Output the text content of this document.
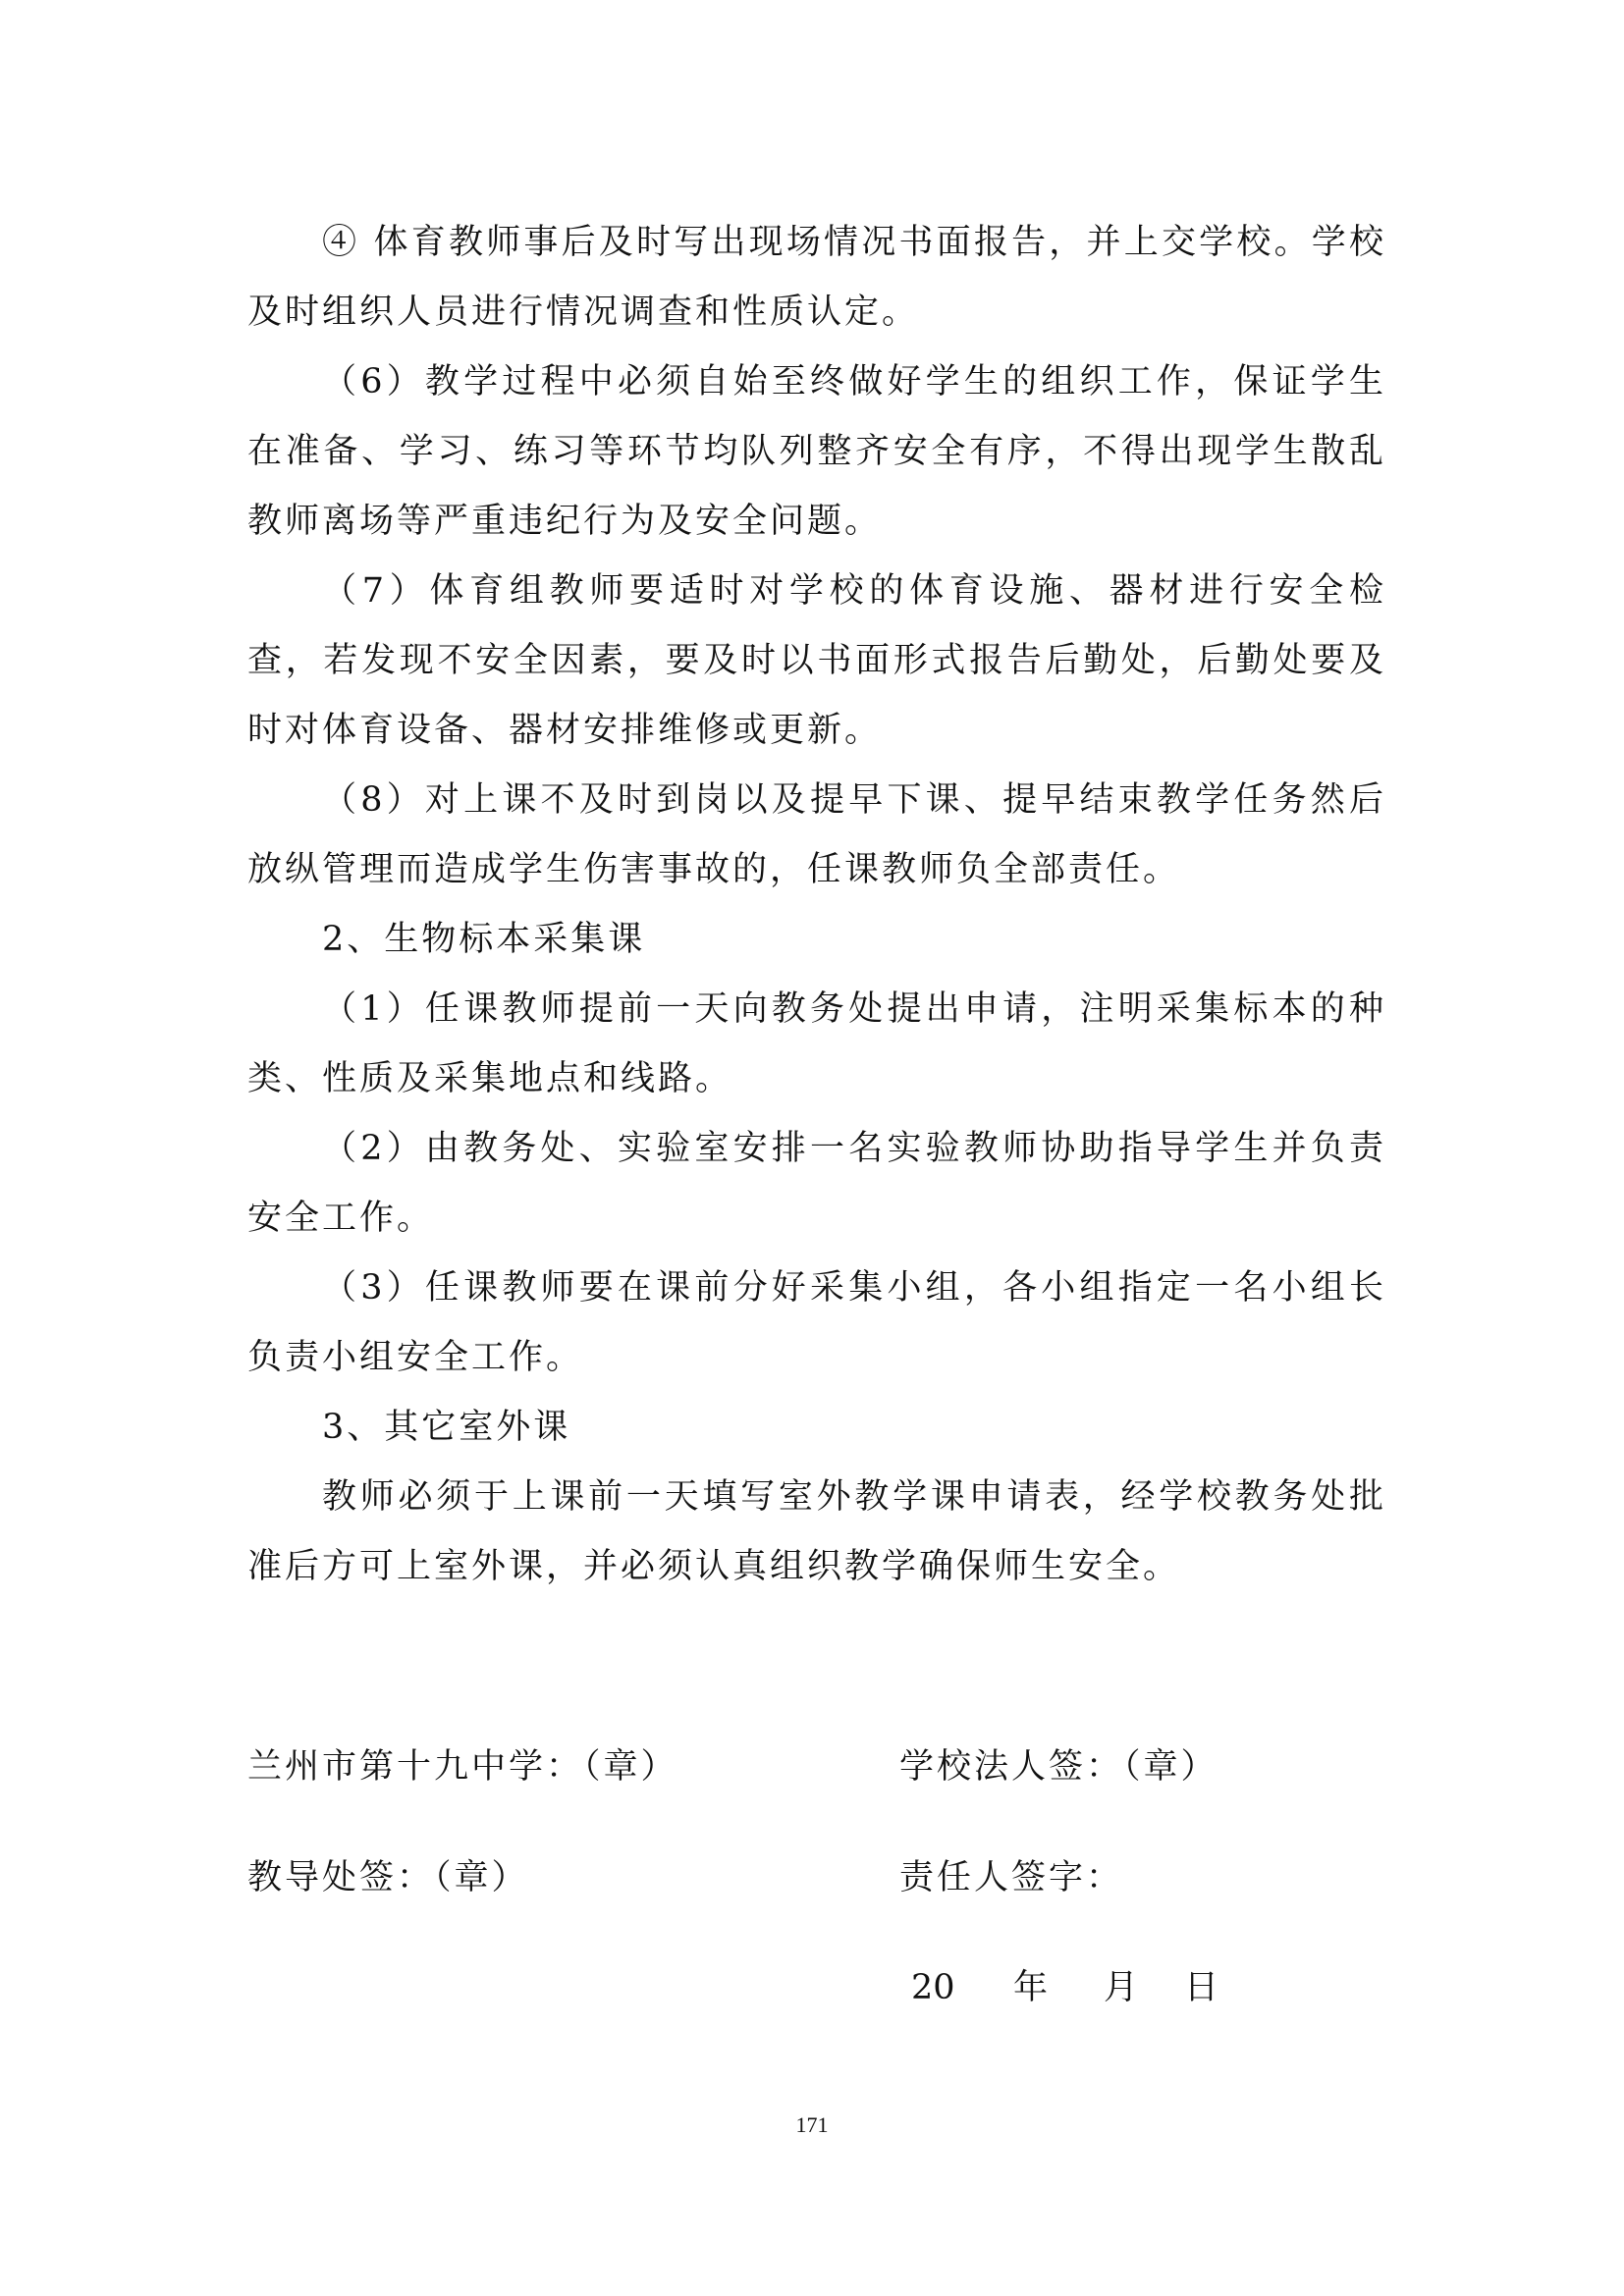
④ 体育教师事后及时写出现场情况书面报告，并上交学校。学校及时组织人员进行情况调查和性质认定。

（6）教学过程中必须自始至终做好学生的组织工作，保证学生在准备、学习、练习等环节均队列整齐安全有序，不得出现学生散乱教师离场等严重违纪行为及安全问题。

（7）体育组教师要适时对学校的体育设施、器材进行安全检查，若发现不安全因素，要及时以书面形式报告后勤处，后勤处要及时对体育设备、器材安排维修或更新。

（8）对上课不及时到岗以及提早下课、提早结束教学任务然后放纵管理而造成学生伤害事故的，任课教师负全部责任。

2、生物标本采集课

（1）任课教师提前一天向教务处提出申请，注明采集标本的种类、性质及采集地点和线路。

（2）由教务处、实验室安排一名实验教师协助指导学生并负责安全工作。

（3）任课教师要在课前分好采集小组，各小组指定一名小组长负责小组安全工作。

3、其它室外课

教师必须于上课前一天填写室外教学课申请表，经学校教务处批准后方可上室外课，并必须认真组织教学确保师生安全。

兰州市第十九中学：（章）	学校法人签：（章）
教导处签：（章）	责任人签字：
20 年 月 日
171
